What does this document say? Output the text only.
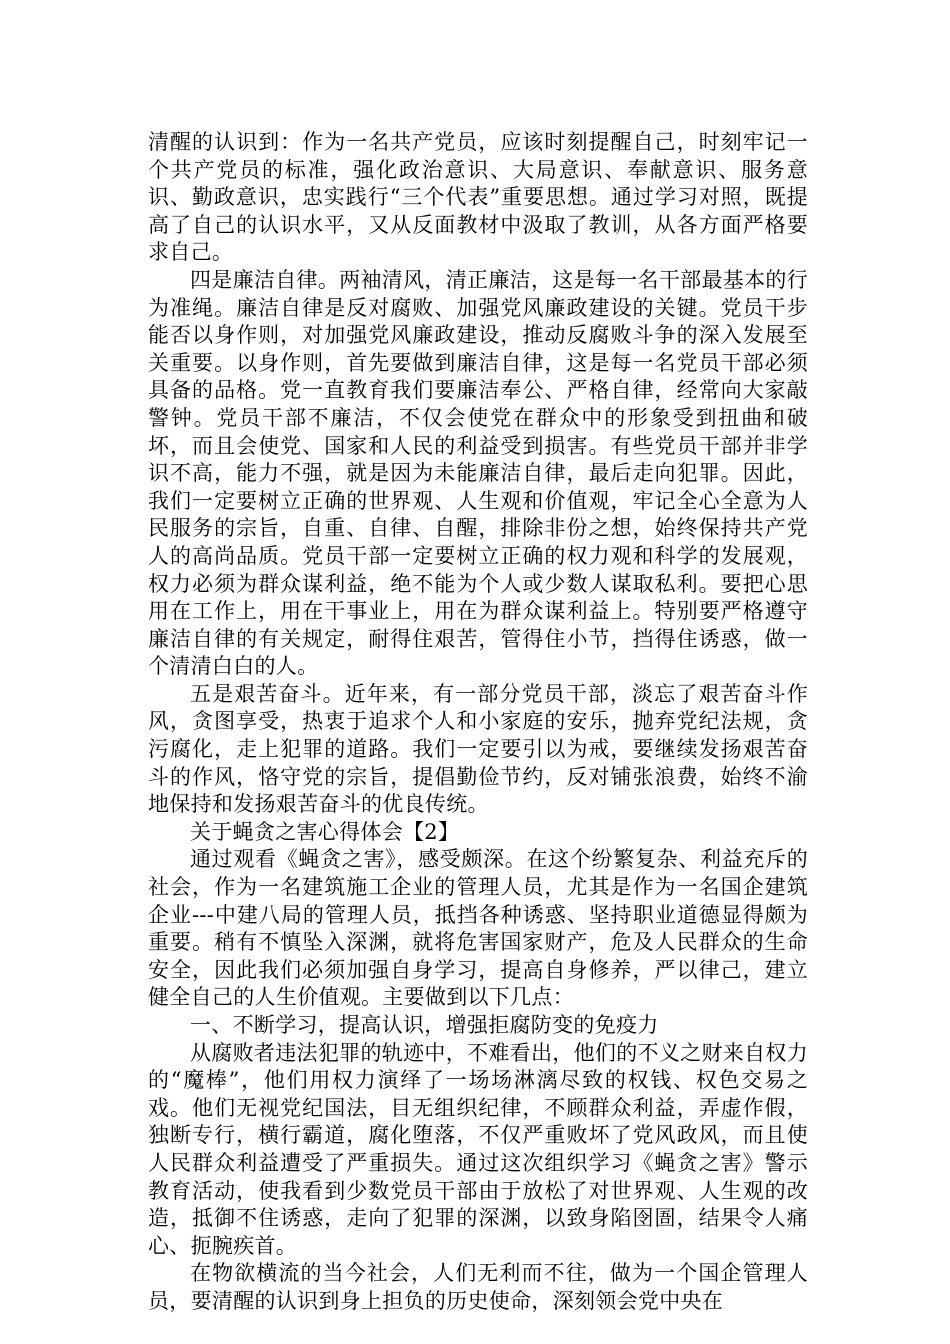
清醒的认识到：作为一名共产党员，应该时刻提醒自己，时刻牢记一个共产党员的标准，强化政治意识、大局意识、奉献意识、服务意识、勤政意识，忠实践行“三个代表”重要思想。通过学习对照，既提高了自己的认识水平，又从反面教材中汲取了教训，从各方面严格要求自己。

四是廉洁自律。两袖清风，清正廉洁，这是每一名干部最基本的行为准绳。廉洁自律是反对腐败、加强党风廉政建设的关键。党员干步能否以身作则，对加强党风廉政建设，推动反腐败斗争的深入发展至关重要。以身作则，首先要做到廉洁自律，这是每一名党员干部必须具备的品格。党一直教育我们要廉洁奉公、严格自律，经常向大家敲警钟。党员干部不廉洁，不仅会使党在群众中的形象受到扭曲和破坏，而且会使党、国家和人民的利益受到损害。有些党员干部并非学识不高，能力不强，就是因为未能廉洁自律，最后走向犯罪。因此，我们一定要树立正确的世界观、人生观和价值观，牢记全心全意为人民服务的宗旨，自重、自律、自醒，排除非份之想，始终保持共产党人的高尚品质。党员干部一定要树立正确的权力观和科学的发展观，权力必须为群众谋利益，绝不能为个人或少数人谋取私利。要把心思用在工作上，用在干事业上，用在为群众谋利益上。特别要严格遵守廉洁自律的有关规定，耐得住艰苦，管得住小节，挡得住诱惑，做一个清清白白的人。

五是艰苦奋斗。近年来，有一部分党员干部，淡忘了艰苦奋斗作风，贪图享受，热衷于追求个人和小家庭的安乐，抛弃党纪法规，贪污腐化，走上犯罪的道路。我们一定要引以为戒，要继续发扬艰苦奋斗的作风，恪守党的宗旨，提倡勤俭节约，反对铺张浪费，始终不渝地保持和发扬艰苦奋斗的优良传统。

关于蝇贪之害心得体会【2】

通过观看《蝇贪之害》，感受颇深。在这个纷繁复杂、利益充斥的社会，作为一名建筑施工企业的管理人员，尤其是作为一名国企建筑企业---中建八局的管理人员，抵挡各种诱惑、坚持职业道德显得颇为重要。稍有不慎坠入深渊，就将危害国家财产，危及人民群众的生命安全，因此我们必须加强自身学习，提高自身修养，严以律己，建立健全自己的人生价值观。主要做到以下几点：

一、不断学习，提高认识，增强拒腐防变的免疫力

从腐败者违法犯罪的轨迹中，不难看出，他们的不义之财来自权力的“魔棒”，他们用权力演绎了一场场淋漓尽致的权钱、权色交易之戏。他们无视党纪国法，目无组织纪律，不顾群众利益，弄虚作假，独断专行，横行霸道，腐化堕落，不仅严重败坏了党风政风，而且使人民群众利益遭受了严重损失。通过这次组织学习《蝇贪之害》警示教育活动，使我看到少数党员干部由于放松了对世界观、人生观的改造，抵御不住诱惑，走向了犯罪的深渊，以致身陷囹圄，结果令人痛心、扼腕疾首。

在物欲横流的当今社会，人们无利而不往，做为一个国企管理人员，要清醒的认识到身上担负的历史使命，深刻领会党中央在
